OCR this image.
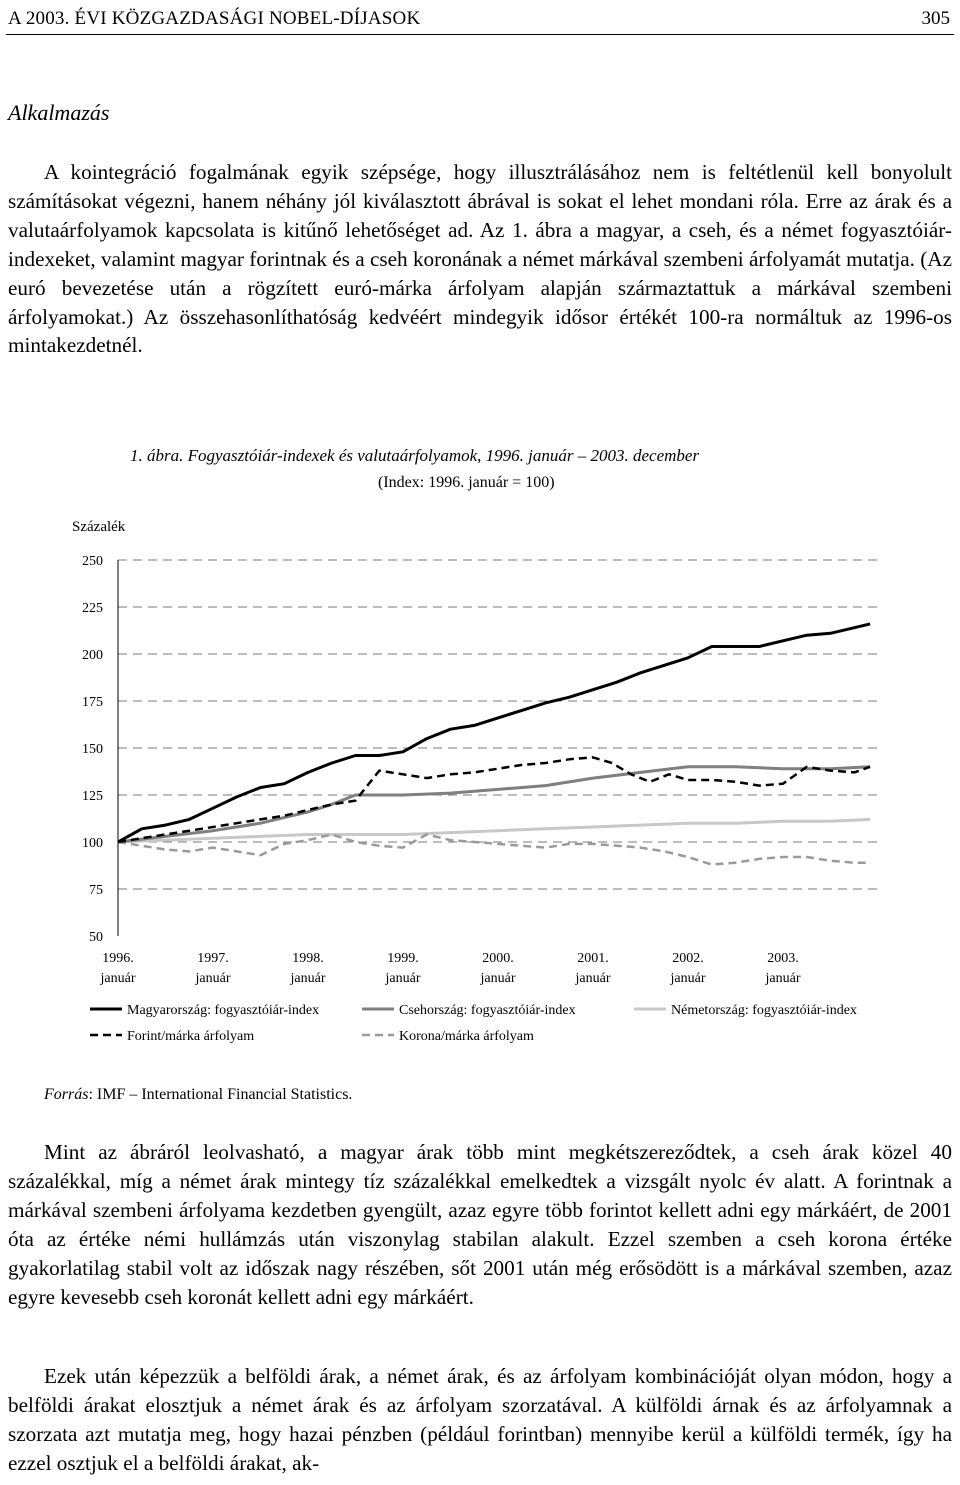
A 2003. ÉVI KÖZGAZDASÁGI NOBEL-DÍJASOK	305
Alkalmazás

A kointegráció fogalmának egyik szépsége, hogy illusztrálásához nem is feltétlenül kell bonyolult számításokat végezni, hanem néhány jól kiválasztott ábrával is sokat el lehet mondani róla. Erre az árak és a valutaárfolyamok kapcsolata is kitűnő lehetőséget ad. Az 1. ábra a magyar, a cseh, és a német fogyasztóiár-indexeket, valamint magyar forintnak és a cseh koronának a német márkával szembeni árfolyamát mutatja. (Az euró bevezetése után a rögzített euró-márka árfolyam alapján származtattuk a márkával szembeni árfolyamokat.) Az összehasonlíthatóság kedvéért mindegyik idősor értékét 100-ra normáltuk az 1996-os mintakezdetnél.

1. ábra. Fogyasztóiár-indexek és valutaárfolyamok, 1996. január – 2003. december
(Index: 1996. január = 100)
Százalék
250
225
200
175
150
125
100
75
50
1996.
január
1997.
január
1998.
január
1999.
január
2000.
január
2001.
január
2002.
január
2003.
január
Magyarország: fogyasztóiár-index	Csehország: fogyasztóiár-index	Németország: fogyasztóiár-index
Forint/márka árfolyam	Korona/márka árfolyam
Forrás: IMF – International Financial Statistics.

Mint az ábráról leolvasható, a magyar árak több mint megkétszereződtek, a cseh árak közel 40 százalékkal, míg a német árak mintegy tíz százalékkal emelkedtek a vizsgált nyolc év alatt. A forintnak a márkával szembeni árfolyama kezdetben gyengült, azaz egyre több forintot kellett adni egy márkáért, de 2001 óta az értéke némi hullámzás után viszonylag stabilan alakult. Ezzel szemben a cseh korona értéke gyakorlatilag stabil volt az időszak nagy részében, sőt 2001 után még erősödött is a márkával szemben, azaz egyre kevesebb cseh koronát kellett adni egy márkáért.

Ezek után képezzük a belföldi árak, a német árak, és az árfolyam kombinációját olyan módon, hogy a belföldi árakat elosztjuk a német árak és az árfolyam szorzatával. A külföldi árnak és az árfolyamnak a szorzata azt mutatja meg, hogy hazai pénzben (például forintban) mennyibe kerül a külföldi termék, így ha ezzel osztjuk el a belföldi árakat, ak-
